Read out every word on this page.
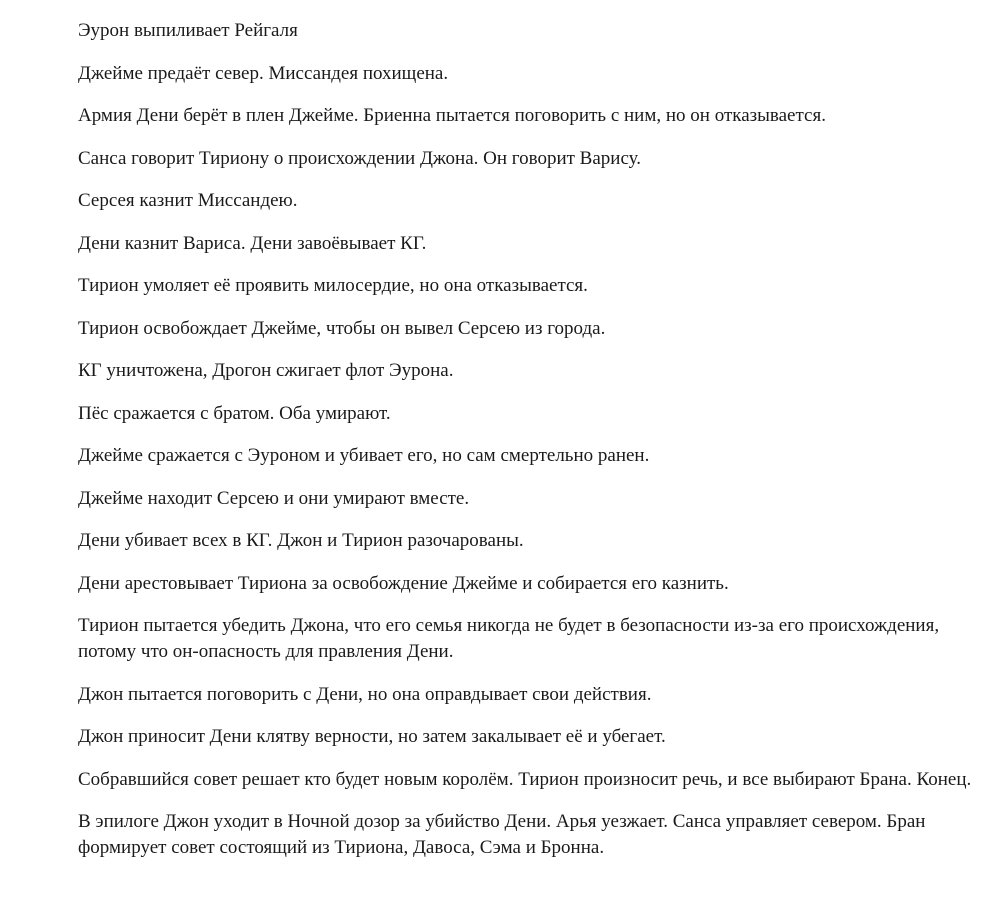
Эурон выпиливает Рейгаля

Джейме предаёт север. Миссандея похищена.

Армия Дени берёт в плен Джейме. Бриенна пытается поговорить с ним, но он отказывается.

Санса говорит Тириону о происхождении Джона. Он говорит Варису.

Серсея казнит Миссандею.

Дени казнит Вариса. Дени завоёвывает КГ.

Тирион умоляет её проявить милосердие, но она отказывается.

Тирион освобождает Джейме, чтобы он вывел Серсею из города.

КГ уничтожена, Дрогон сжигает флот Эурона.

Пёс сражается с братом. Оба умирают.

Джейме сражается с Эуроном и убивает его, но сам смертельно ранен.

Джейме находит Серсею и они умирают вместе.

Дени убивает всех в КГ. Джон и Тирион разочарованы.

Дени арестовывает Тириона за освобождение Джейме и собирается его казнить.

Тирион пытается убедить Джона, что его семья никогда не будет в безопасности из-за его происхождения, потому что он-опасность для правления Дени.

Джон пытается поговорить с Дени, но она оправдывает свои действия.

Джон приносит Дени клятву верности, но затем закалывает её и убегает.

Собравшийся совет решает кто будет новым королём. Тирион произносит речь, и все выбирают Брана. Конец.

В эпилоге Джон уходит в Ночной дозор за убийство Дени. Арья уезжает. Санса управляет севером. Бран формирует совет состоящий из Тириона, Давоса, Сэма и Бронна.
